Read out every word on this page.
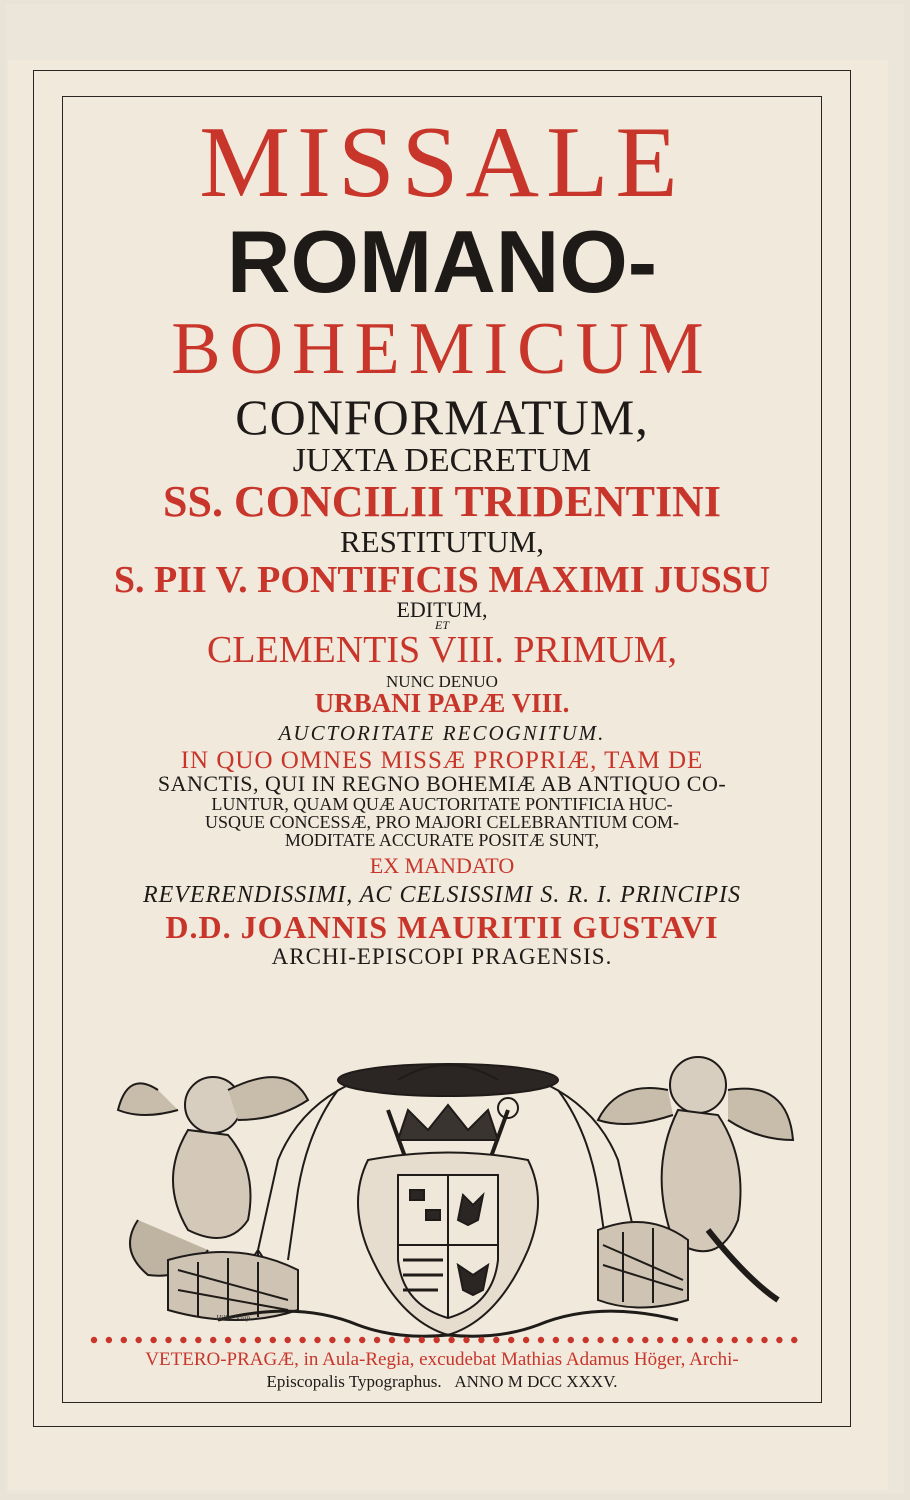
MISSALE
ROMANO-
BOHEMICUM
CONFORMATUM,
JUXTA DECRETUM
SS. CONCILII TRIDENTINI
RESTITUTUM,
S. PII V. PONTIFICIS MAXIMI JUSSU
EDITUM,
ET
CLEMENTIS VIII. PRIMUM,
NUNC DENUO
URBANI PAPÆ VIII.
AUCTORITATE RECOGNITUM.
IN QUO OMNES MISSÆ PROPRIÆ, TAM DE
SANCTIS, QUI IN REGNO BOHEMIÆ AB ANTIQUO CO-
LUNTUR, QUAM QUÆ AUCTORITATE PONTIFICIA HUC-
USQUE CONCESSÆ, PRO MAJORI CELEBRANTIUM COM-
MODITATE ACCURATE POSITÆ SUNT,
EX MANDATO
REVERENDISSIMI, AC CELSISSIMI S. R. I. PRINCIPIS
D.D. JOANNIS MAURITII GUSTAVI
ARCHI-EPISCOPI PRAGENSIS.
Hiller Sculp.
VETERO-PRAGÆ, in Aula-Regia, excudebat Mathias Adamus Höger, Archi-
Episcopalis Typographus. ANNO M DCC XXXV.
